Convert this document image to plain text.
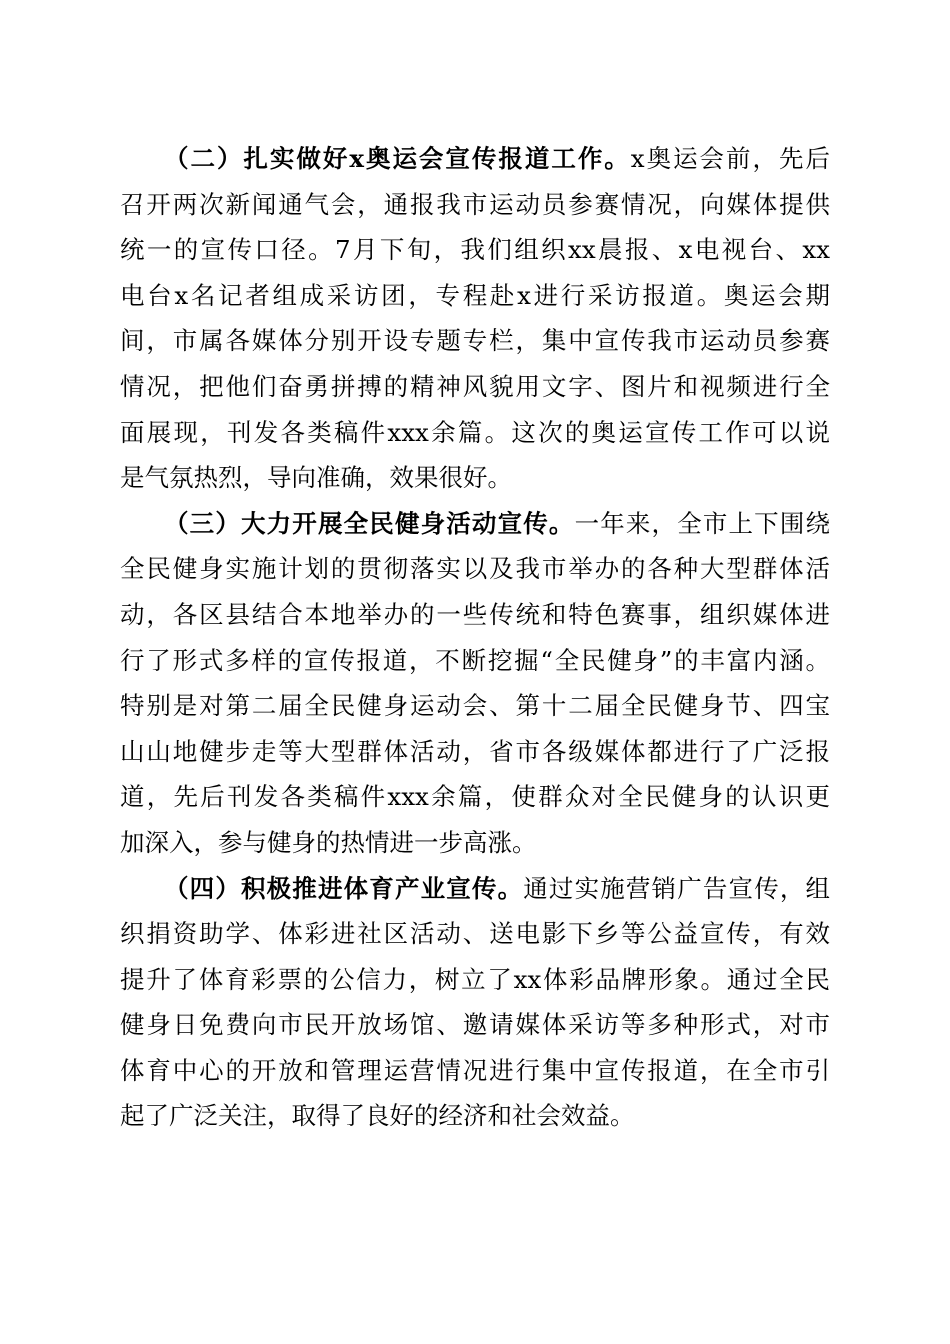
（二）扎实做好x奥运会宣传报道工作。x奥运会前，先后
召开两次新闻通气会，通报我市运动员参赛情况，向媒体提供
统一的宣传口径。7月下旬，我们组织xx晨报、x电视台、xx
电台x名记者组成采访团，专程赴x进行采访报道。奥运会期
间，市属各媒体分别开设专题专栏，集中宣传我市运动员参赛
情况，把他们奋勇拼搏的精神风貌用文字、图片和视频进行全
面展现，刊发各类稿件xxx余篇。这次的奥运宣传工作可以说
是气氛热烈，导向准确，效果很好。
（三）大力开展全民健身活动宣传。一年来，全市上下围绕
全民健身实施计划的贯彻落实以及我市举办的各种大型群体活
动，各区县结合本地举办的一些传统和特色赛事，组织媒体进
行了形式多样的宣传报道，不断挖掘“全民健身”的丰富内涵。
特别是对第二届全民健身运动会、第十二届全民健身节、四宝
山山地健步走等大型群体活动，省市各级媒体都进行了广泛报
道，先后刊发各类稿件xxx余篇，使群众对全民健身的认识更
加深入，参与健身的热情进一步高涨。
（四）积极推进体育产业宣传。通过实施营销广告宣传，组
织捐资助学、体彩进社区活动、送电影下乡等公益宣传，有效
提升了体育彩票的公信力，树立了xx体彩品牌形象。通过全民
健身日免费向市民开放场馆、邀请媒体采访等多种形式，对市
体育中心的开放和管理运营情况进行集中宣传报道，在全市引
起了广泛关注，取得了良好的经济和社会效益。
